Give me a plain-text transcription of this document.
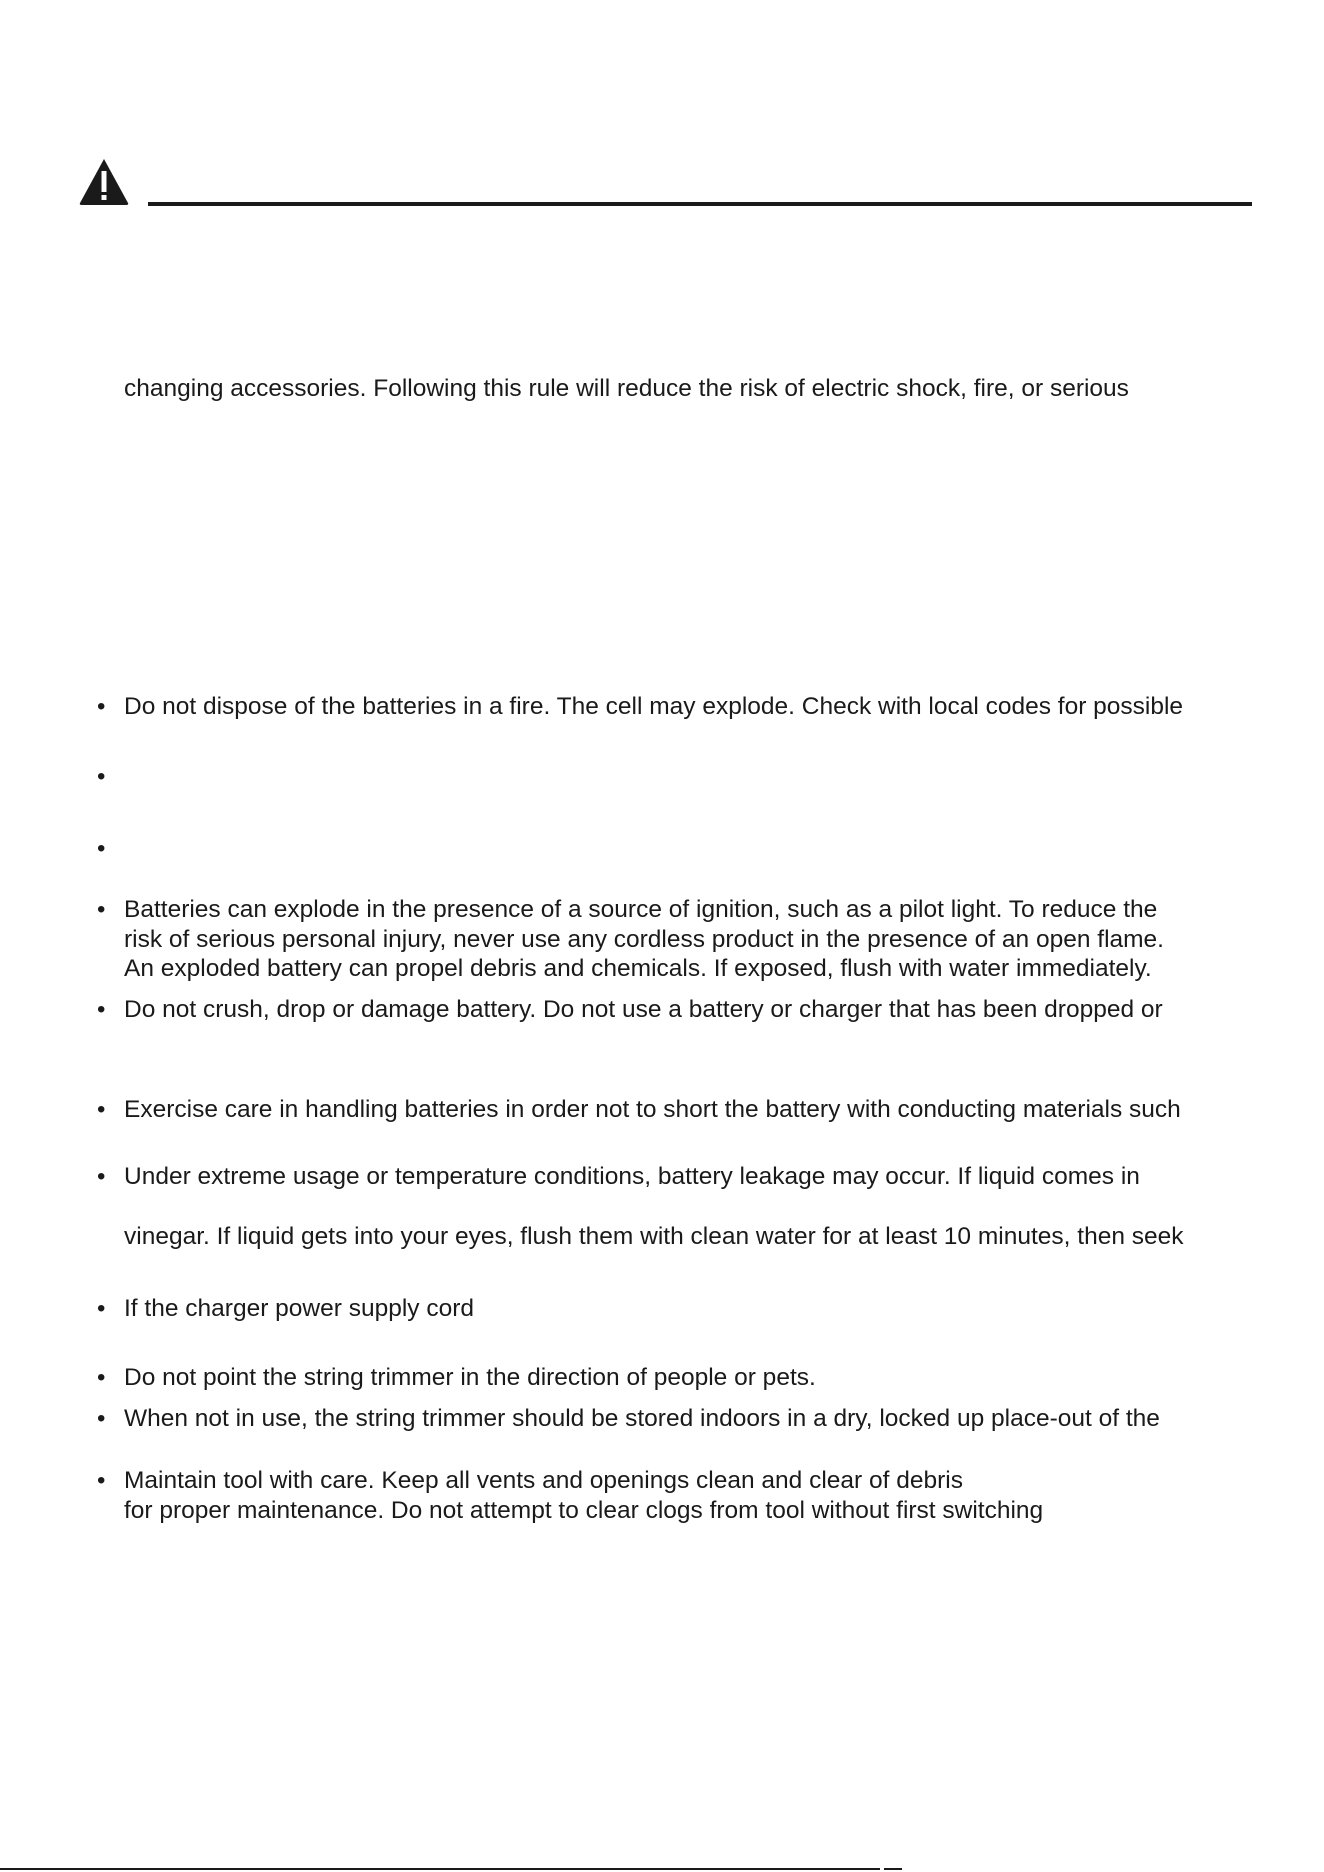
changing accessories. Following this rule will reduce the risk of electric shock, fire, or serious
• Do not dispose of the batteries in a fire. The cell may explode. Check with local codes for possible
•
•
• Batteries can explode in the presence of a source of ignition, such as a pilot light. To reduce the
risk of serious personal injury, never use any cordless product in the presence of an open flame.
An exploded battery can propel debris and chemicals. If exposed, flush with water immediately.
• Do not crush, drop or damage battery. Do not use a battery or charger that has been dropped or
• Exercise care in handling batteries in order not to short the battery with conducting materials such
• Under extreme usage or temperature conditions, battery leakage may occur. If liquid comes in
vinegar. If liquid gets into your eyes, flush them with clean water for at least 10 minutes, then seek
• If the charger power supply cord
• Do not point the string trimmer in the direction of people or pets.
• When not in use, the string trimmer should be stored indoors in a dry, locked up place-out of the
• Maintain tool with care. Keep all vents and openings clean and clear of debris
for proper maintenance. Do not attempt to clear clogs from tool without first switching
